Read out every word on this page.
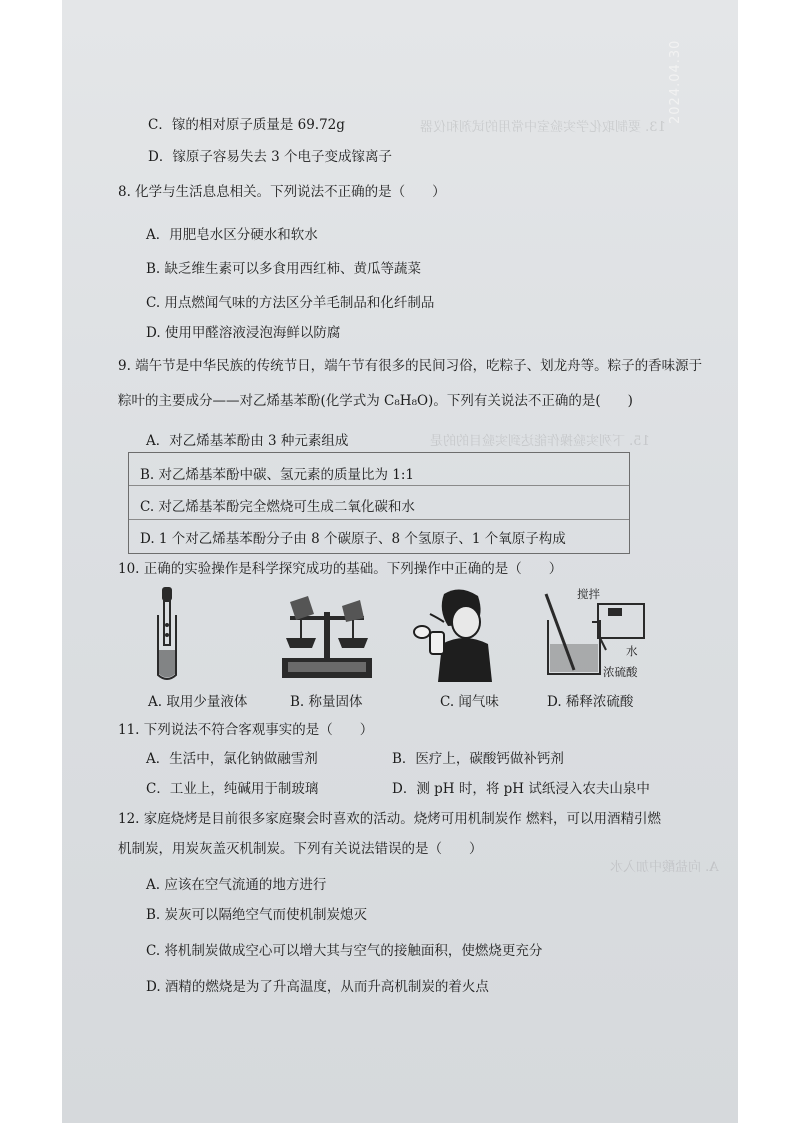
13. 要制取化学实验室中常用的试剂和仪器
15. 下列实验操作能达到实验目的的是
A. 向盐酸中加入水
2024.04.30
C．镓的相对原子质量是 69.72g
D．镓原子容易失去 3 个电子变成镓离子
8. 化学与生活息息相关。下列说法不正确的是（　　）
A．用肥皂水区分硬水和软水
B. 缺乏维生素可以多食用西红柿、黄瓜等蔬菜
C. 用点燃闻气味的方法区分羊毛制品和化纤制品
D. 使用甲醛溶液浸泡海鲜以防腐
9. 端午节是中华民族的传统节日，端午节有很多的民间习俗，吃粽子、划龙舟等。粽子的香味源于
粽叶的主要成分——对乙烯基苯酚(化学式为 C₈H₈O)。下列有关说法不正确的是(　　)
A．对乙烯基苯酚由 3 种元素组成
B. 对乙烯基苯酚中碳、氢元素的质量比为 1:1
C. 对乙烯基苯酚完全燃烧可生成二氧化碳和水
D. 1 个对乙烯基苯酚分子由 8 个碳原子、8 个氢原子、1 个氧原子构成
10. 正确的实验操作是科学探究成功的基础。下列操作中正确的是（　　）
搅拌
水
浓硫酸
A. 取用少量液体	B. 称量固体	C. 闻气味	D. 稀释浓硫酸
11. 下列说法不符合客观事实的是（　　）
A．生活中，氯化钠做融雪剂	B．医疗上，碳酸钙做补钙剂
C．工业上，纯碱用于制玻璃	D．测 pH 时，将 pH 试纸浸入农夫山泉中
12. 家庭烧烤是目前很多家庭聚会时喜欢的活动。烧烤可用机制炭作 燃料，可以用酒精引燃
机制炭，用炭灰盖灭机制炭。下列有关说法错误的是（　　）
A. 应该在空气流通的地方进行
B. 炭灰可以隔绝空气而使机制炭熄灭
C. 将机制炭做成空心可以增大其与空气的接触面积，使燃烧更充分
D. 酒精的燃烧是为了升高温度，从而升高机制炭的着火点
